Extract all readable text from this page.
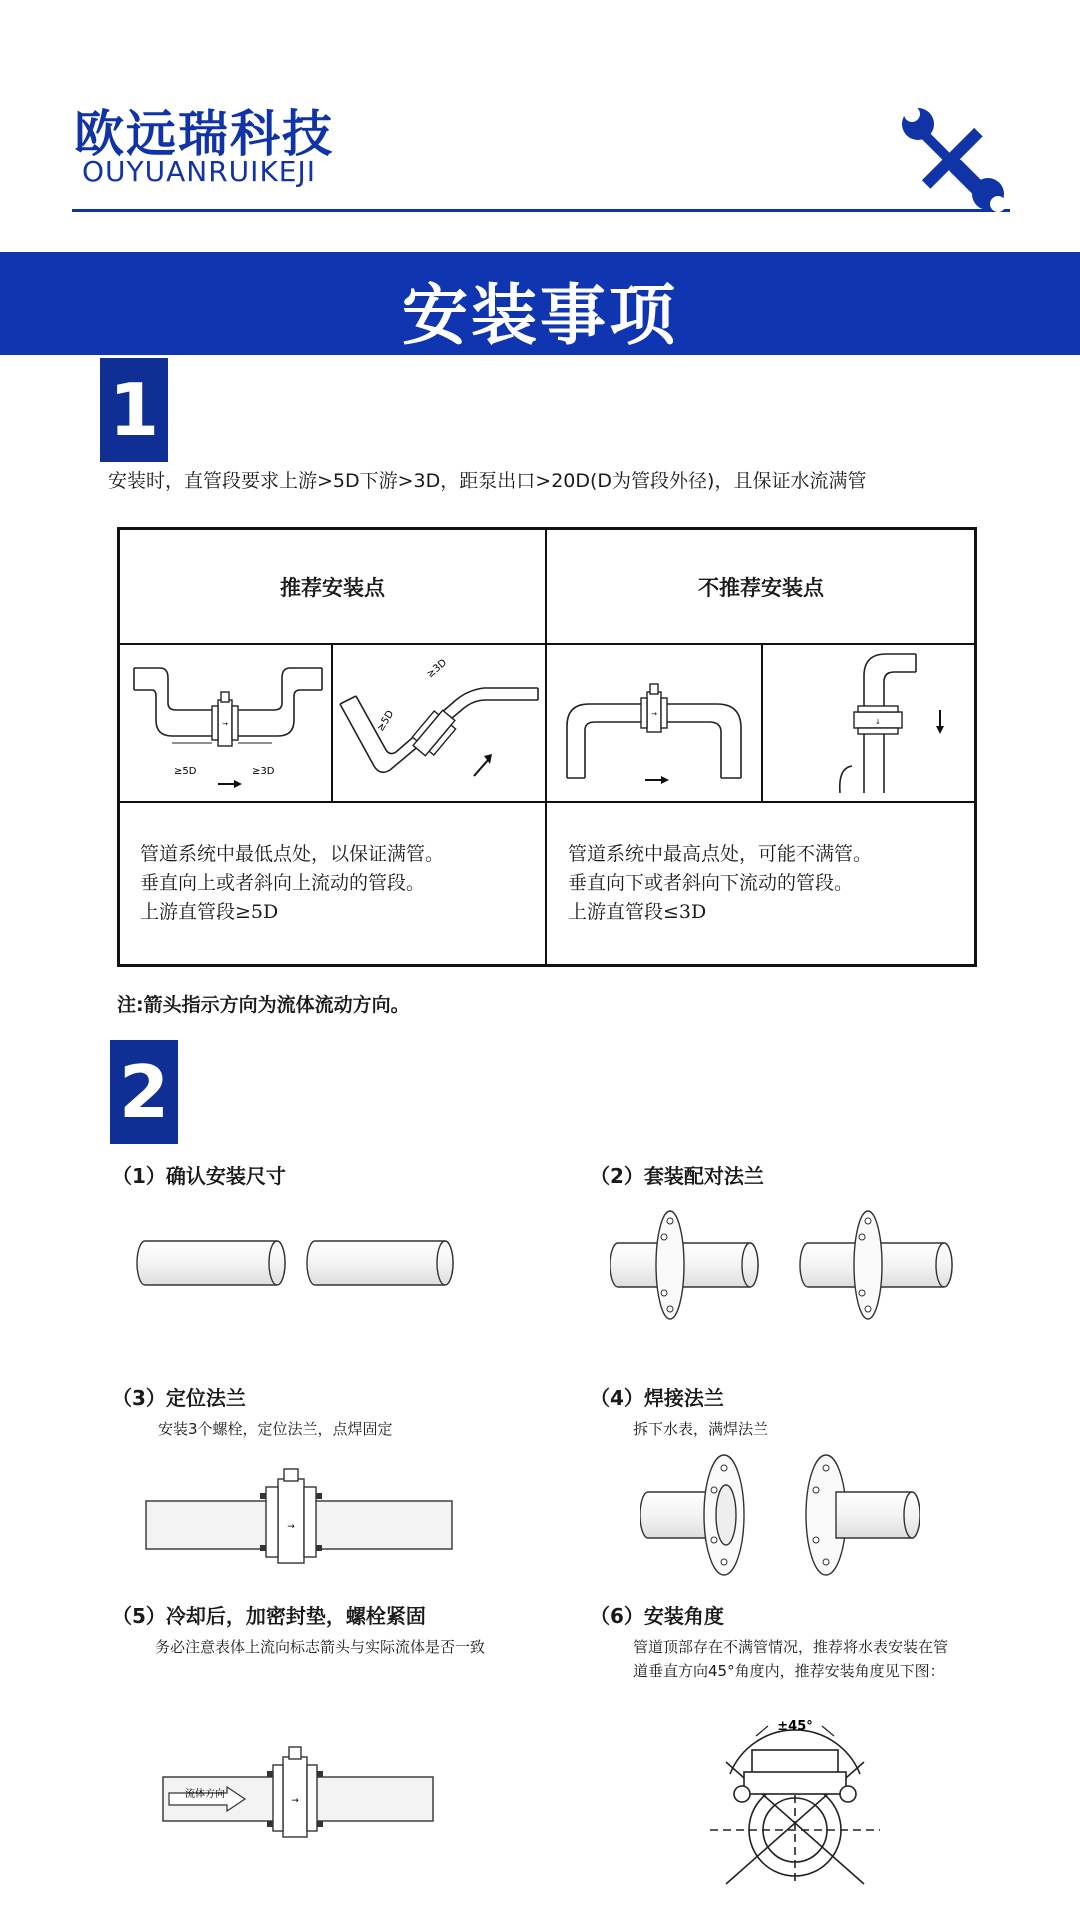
欧远瑞科技
OUYUANRUIKEJI
安装事项
1
安装时，直管段要求上游>5D下游>3D，距泵出口>20D(D为管段外径)，且保证水流满管
推荐安装点	不推荐安装点
→
≥5D	≥3D
≥5D
≥3D
→
↓
管道系统中最低点处，以保证满管。
垂直向上或者斜向上流动的管段。
上游直管段≥5D
管道系统中最高点处，可能不满管。
垂直向下或者斜向下流动的管段。
上游直管段≤3D
注:箭头指示方向为流体流动方向。
2
（1）确认安装尺寸	（2）套装配对法兰
（3）定位法兰
安装3个螺栓，定位法兰，点焊固定
→
（4）焊接法兰
拆下水表，满焊法兰
（5）冷却后，加密封垫，螺栓紧固
务必注意表体上流向标志箭头与实际流体是否一致
→
流体方向
（6）安装角度
管道顶部存在不满管情况，推荐将水表安装在管
道垂直方向45°角度内，推荐安装角度见下图：
±45°
